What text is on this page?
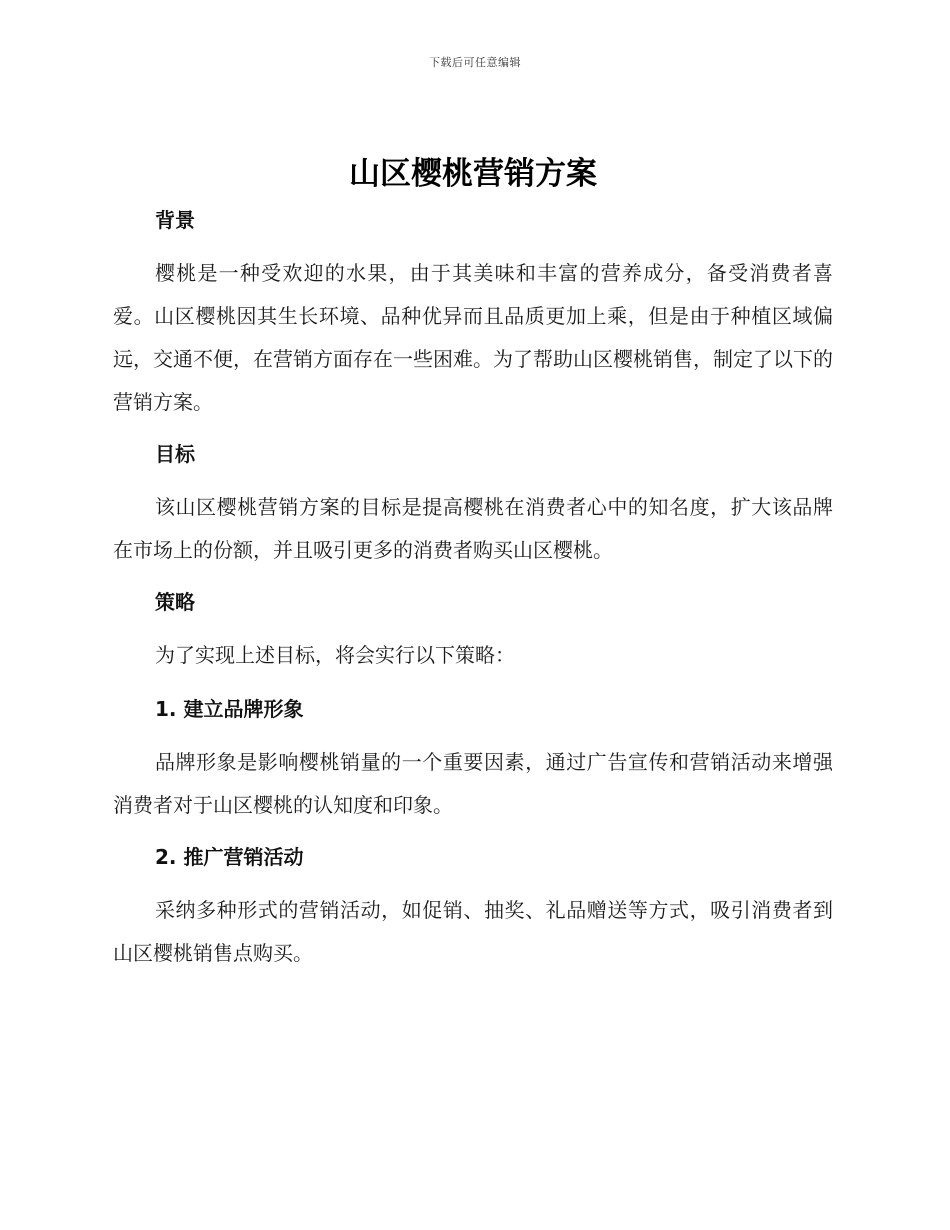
下载后可任意编辑
山区樱桃营销方案
背景

樱桃是一种受欢迎的水果，由于其美味和丰富的营养成分，备受消费者喜爱。山区樱桃因其生长环境、品种优异而且品质更加上乘，但是由于种植区域偏远，交通不便，在营销方面存在一些困难。为了帮助山区樱桃销售，制定了以下的营销方案。

目标

该山区樱桃营销方案的目标是提高樱桃在消费者心中的知名度，扩大该品牌在市场上的份额，并且吸引更多的消费者购买山区樱桃。

策略

为了实现上述目标，将会实行以下策略：

1. 建立品牌形象

品牌形象是影响樱桃销量的一个重要因素，通过广告宣传和营销活动来增强消费者对于山区樱桃的认知度和印象。

2. 推广营销活动

采纳多种形式的营销活动，如促销、抽奖、礼品赠送等方式，吸引消费者到山区樱桃销售点购买。
